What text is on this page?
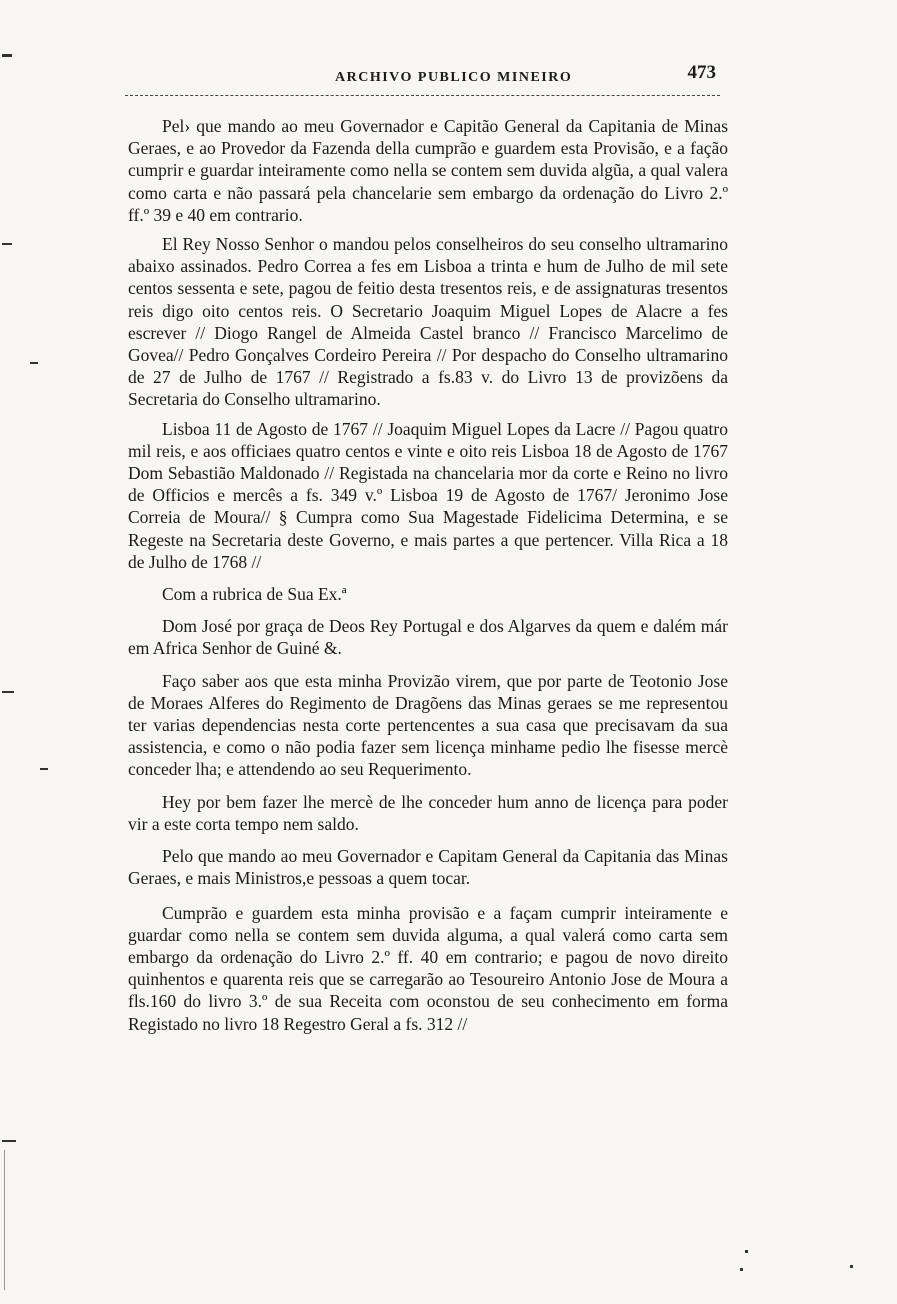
ARCHIVO PUBLICO MINEIRO	473

Pel› que mando ao meu Governador e Capitão General da Capitania de Minas Geraes, e ao Provedor da Fazenda della cumprão e guardem esta Provisão, e a fação cumprir e guardar inteiramente como nella se contem sem duvida algũa, a qual valera como carta e não passará pela chancelarie sem embargo da ordenação do Livro 2.º ff.º 39 e 40 em contrario.

El Rey Nosso Senhor o mandou pelos conselheiros do seu conselho ultramarino abaixo assinados. Pedro Correa a fes em Lisboa a trinta e hum de Julho de mil sete centos sessenta e sete, pagou de feitio desta tresentos reis, e de assignaturas tresentos reis digo oito centos reis. O Secretario Joaquim Miguel Lopes de Alacre a fes escrever // Diogo Rangel de Almeida Castel branco // Francisco Marcelimo de Govea// Pedro Gonçalves Cordeiro Pereira // Por despacho do Conselho ultramarino de 27 de Julho de 1767 // Registrado a fs.83 v. do Livro 13 de provizõens da Secretaria do Conselho ultramarino.

Lisboa 11 de Agosto de 1767 // Joaquim Miguel Lopes da Lacre // Pagou quatro mil reis, e aos officiaes quatro centos e vinte e oito reis Lisboa 18 de Agosto de 1767 Dom Sebastião Maldonado // Registada na chancelaria mor da corte e Reino no livro de Officios e mercês a fs. 349 v.º Lisboa 19 de Agosto de 1767/ Jeronimo Jose Correia de Moura// § Cumpra como Sua Magestade Fidelicima Determina, e se Regeste na Secretaria deste Governo, e mais partes a que pertencer. Villa Rica a 18 de Julho de 1768 //

Com a rubrica de Sua Ex.ª

Dom José por graça de Deos Rey Portugal e dos Algarves da quem e dalém már em Africa Senhor de Guiné &.

Faço saber aos que esta minha Provizão virem, que por parte de Teotonio Jose de Moraes Alferes do Regimento de Dragõens das Minas geraes se me representou ter varias dependencias nesta corte pertencentes a sua casa que precisavam da sua assistencia, e como o não podia fazer sem licença minhame pedio lhe fisesse mercè conceder lha; e attendendo ao seu Requerimento.

Hey por bem fazer lhe mercè de lhe conceder hum anno de licença para poder vir a este corta tempo nem saldo.

Pelo que mando ao meu Governador e Capitam General da Capitania das Minas Geraes, e mais Ministros,e pessoas a quem tocar.

Cumprão e guardem esta minha provisão e a façam cumprir inteiramente e guardar como nella se contem sem duvida alguma, a qual valerá como carta sem embargo da ordenação do Livro 2.º ff. 40 em contrario; e pagou de novo direito quinhentos e quarenta reis que se carregarão ao Tesoureiro Antonio Jose de Moura a fls.160 do livro 3.º de sua Receita com oconstou de seu conhecimento em forma Registado no livro 18 Regestro Geral a fs. 312 //
